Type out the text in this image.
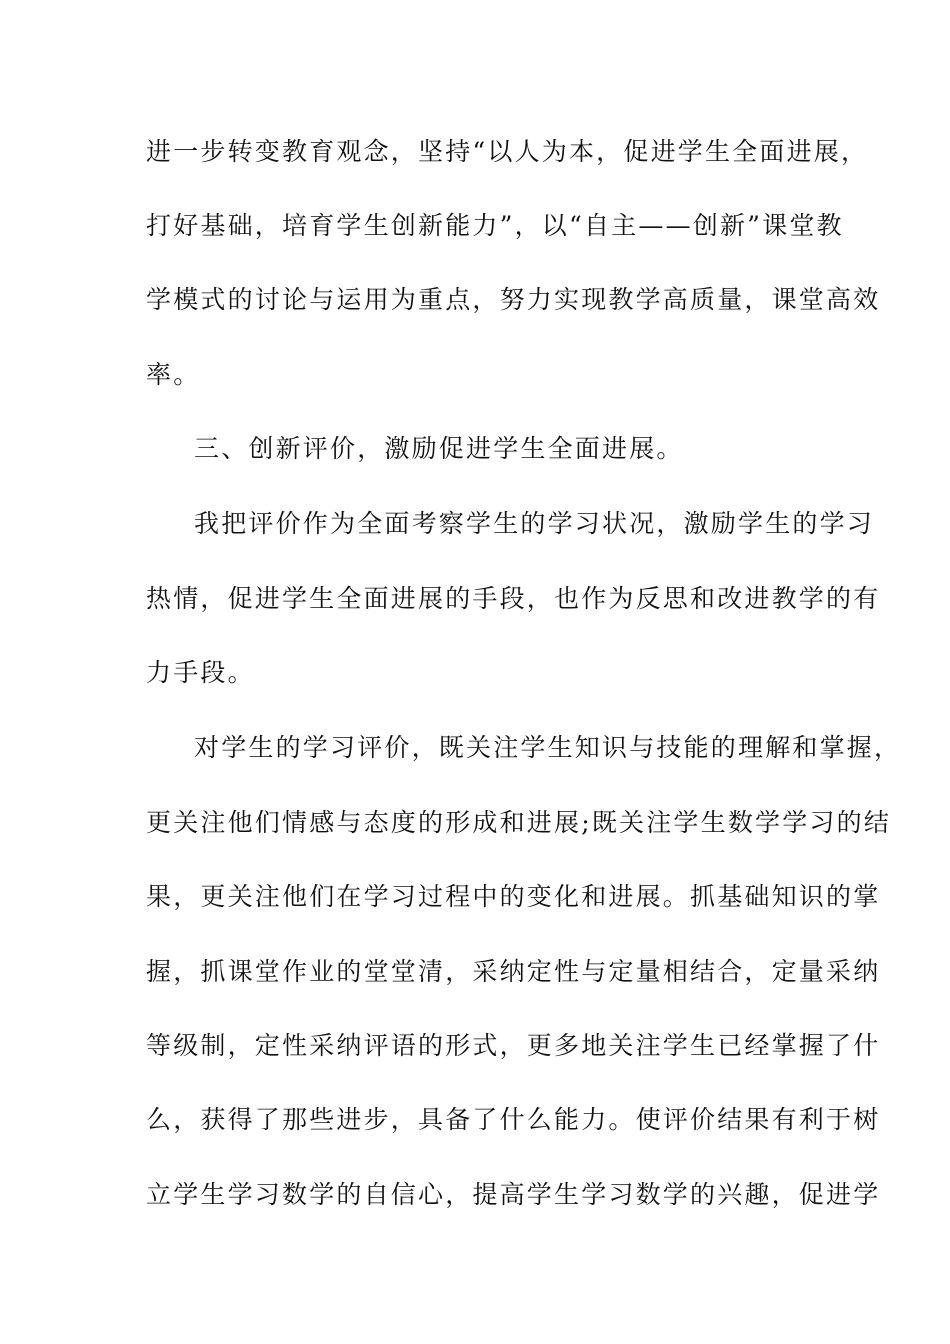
进一步转变教育观念，坚持“以人为本，促进学生全面进展，
打好基础，培育学生创新能力”，以“自主——创新”课堂教
学模式的讨论与运用为重点，努力实现教学高质量，课堂高效
率。
三、创新评价，激励促进学生全面进展。
我把评价作为全面考察学生的学习状况，激励学生的学习
热情，促进学生全面进展的手段，也作为反思和改进教学的有
力手段。
对学生的学习评价，既关注学生知识与技能的理解和掌握，
更关注他们情感与态度的形成和进展;既关注学生数学学习的结
果，更关注他们在学习过程中的变化和进展。抓基础知识的掌
握，抓课堂作业的堂堂清，采纳定性与定量相结合，定量采纳
等级制，定性采纳评语的形式，更多地关注学生已经掌握了什
么，获得了那些进步，具备了什么能力。使评价结果有利于树
立学生学习数学的自信心，提高学生学习数学的兴趣，促进学
